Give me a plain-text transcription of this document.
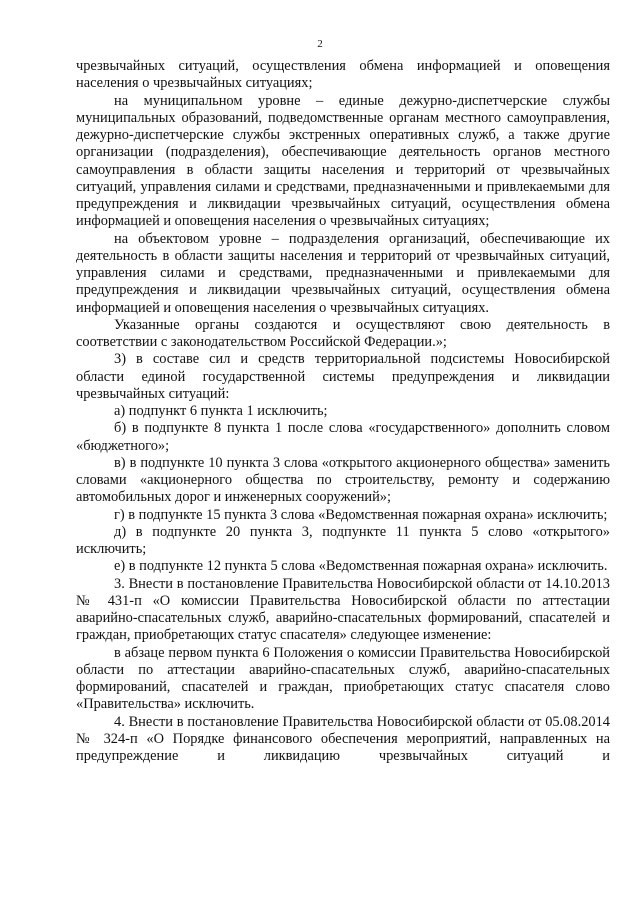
2

чрезвычайных ситуаций, осуществления обмена информацией и оповещения населения о чрезвычайных ситуациях;

на муниципальном уровне – единые дежурно-диспетчерские службы муниципальных образований, подведомственные органам местного самоуправления, дежурно-диспетчерские службы экстренных оперативных служб, а также другие организации (подразделения), обеспечивающие деятельность органов местного самоуправления в области защиты населения и территорий от чрезвычайных ситуаций, управления силами и средствами, предназначенными и привлекаемыми для предупреждения и ликвидации чрезвычайных ситуаций, осуществления обмена информацией и оповещения населения о чрезвычайных ситуациях;

на объектовом уровне – подразделения организаций, обеспечивающие их деятельность в области защиты населения и территорий от чрезвычайных ситуаций, управления силами и средствами, предназначенными и привлекаемыми для предупреждения и ликвидации чрезвычайных ситуаций, осуществления обмена информацией и оповещения населения о чрезвычайных ситуациях.

Указанные органы создаются и осуществляют свою деятельность в соответствии с законодательством Российской Федерации.»;

3) в составе сил и средств территориальной подсистемы Новосибирской области единой государственной системы предупреждения и ликвидации чрезвычайных ситуаций:

а) подпункт 6 пункта 1 исключить;

б) в подпункте 8 пункта 1 после слова «государственного» дополнить словом «бюджетного»;

в) в подпункте 10 пункта 3 слова «открытого акционерного общества» заменить словами «акционерного общества по строительству, ремонту и содержанию автомобильных дорог и инженерных сооружений»;

г) в подпункте 15 пункта 3 слова «Ведомственная пожарная охрана» исключить;

д) в подпункте 20 пункта 3, подпункте 11 пункта 5 слово «открытого» исключить;

е) в подпункте 12 пункта 5 слова «Ведомственная пожарная охрана» исключить.

3. Внести в постановление Правительства Новосибирской области от 14.10.2013 № 431-п «О комиссии Правительства Новосибирской области по аттестации аварийно-спасательных служб, аварийно-спасательных формирований, спасателей и граждан, приобретающих статус спасателя» следующее изменение:

в абзаце первом пункта 6 Положения о комиссии Правительства Новосибирской области по аттестации аварийно-спасательных служб, аварийно-спасательных формирований, спасателей и граждан, приобретающих статус спасателя слово «Правительства» исключить.

4. Внести в постановление Правительства Новосибирской области от 05.08.2014 № 324-п «О Порядке финансового обеспечения мероприятий, направленных на предупреждение и ликвидацию чрезвычайных ситуаций и
